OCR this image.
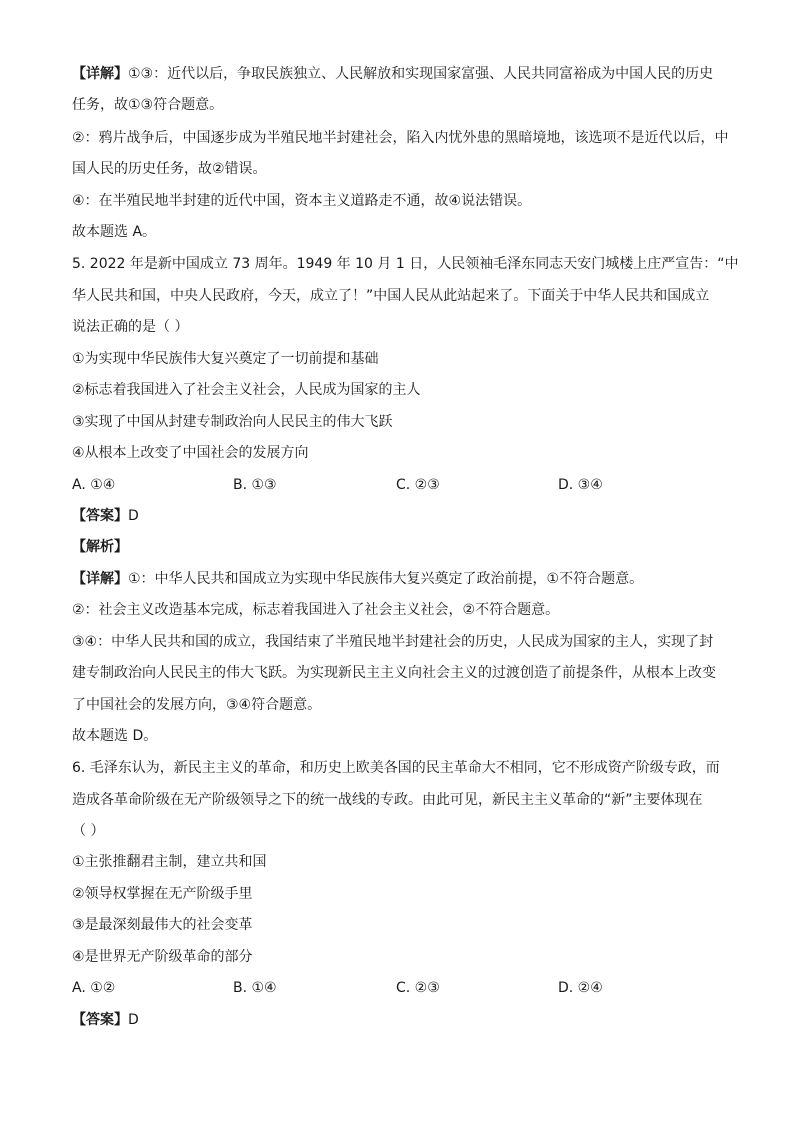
【详解】①③：近代以后，争取民族独立、人民解放和实现国家富强、人民共同富裕成为中国人民的历史
任务，故①③符合题意。
②：鸦片战争后，中国逐步成为半殖民地半封建社会，陷入内忧外患的黑暗境地，该选项不是近代以后，中
国人民的历史任务，故②错误。
④：在半殖民地半封建的近代中国，资本主义道路走不通，故④说法错误。
故本题选 A。
5. 2022 年是新中国成立 73 周年。1949 年 10 月 1 日，人民领袖毛泽东同志天安门城楼上庄严宣告：“中
华人民共和国，中央人民政府，今天，成立了！”中国人民从此站起来了。下面关于中华人民共和国成立
说法正确的是（ ）
①为实现中华民族伟大复兴奠定了一切前提和基础
②标志着我国进入了社会主义社会，人民成为国家的主人
③实现了中国从封建专制政治向人民民主的伟大飞跃
④从根本上改变了中国社会的发展方向
A. ①④	B. ①③	C. ②③	D. ③④
【答案】D
【解析】
【详解】①：中华人民共和国成立为实现中华民族伟大复兴奠定了政治前提，①不符合题意。
②：社会主义改造基本完成，标志着我国进入了社会主义社会，②不符合题意。
③④：中华人民共和国的成立，我国结束了半殖民地半封建社会的历史，人民成为国家的主人，实现了封
建专制政治向人民民主的伟大飞跃。为实现新民主主义向社会主义的过渡创造了前提条件，从根本上改变
了中国社会的发展方向，③④符合题意。
故本题选 D。
6. 毛泽东认为，新民主主义的革命，和历史上欧美各国的民主革命大不相同，它不形成资产阶级专政，而
造成各革命阶级在无产阶级领导之下的统一战线的专政。由此可见，新民主主义革命的“新”主要体现在
（ ）
①主张推翻君主制，建立共和国
②领导权掌握在无产阶级手里
③是最深刻最伟大的社会变革
④是世界无产阶级革命的部分
A. ①②	B. ①④	C. ②③	D. ②④
【答案】D
